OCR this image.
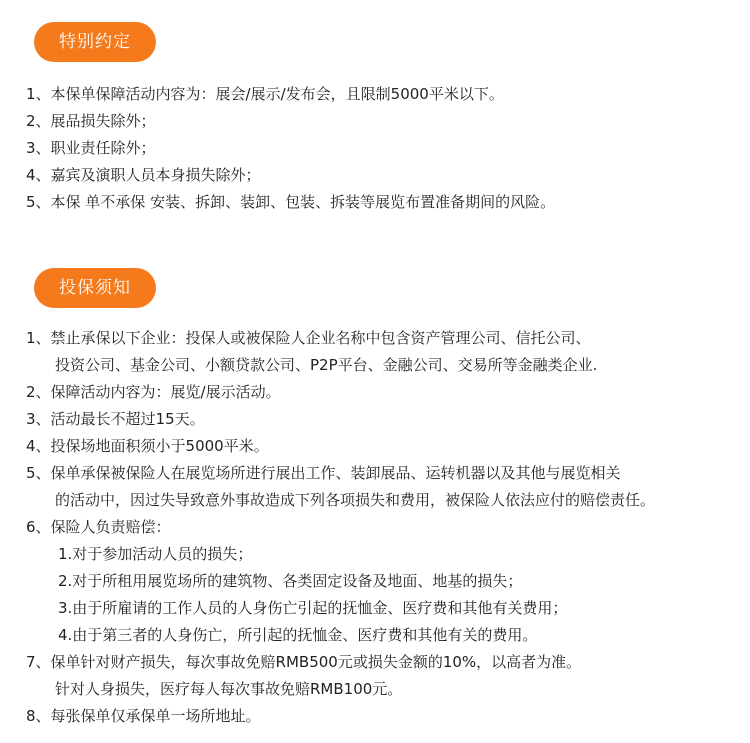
特别约定
1、本保单保障活动内容为：展会/展示/发布会，且限制5000平米以下。
2、展品损失除外；
3、职业责任除外；
4、嘉宾及演职人员本身损失除外；
5、本保 单不承保 安装、拆卸、装卸、包装、拆装等展览布置准备期间的风险。
投保须知
1、禁止承保以下企业：投保人或被保险人企业名称中包含资产管理公司、信托公司、
投资公司、基金公司、小额贷款公司、P2P平台、金融公司、交易所等金融类企业.
2、保障活动内容为：展览/展示活动。
3、活动最长不超过15天。
4、投保场地面积须小于5000平米。
5、保单承保被保险人在展览场所进行展出工作、装卸展品、运转机器以及其他与展览相关
的活动中，因过失导致意外事故造成下列各项损失和费用，被保险人依法应付的赔偿责任。
6、保险人负责赔偿：
1.对于参加活动人员的损失；
2.对于所租用展览场所的建筑物、各类固定设备及地面、地基的损失；
3.由于所雇请的工作人员的人身伤亡引起的抚恤金、医疗费和其他有关费用；
4.由于第三者的人身伤亡，所引起的抚恤金、医疗费和其他有关的费用。
7、保单针对财产损失，每次事故免赔RMB500元或损失金额的10%，以高者为准。
针对人身损失，医疗每人每次事故免赔RMB100元。
8、每张保单仅承保单一场所地址。
